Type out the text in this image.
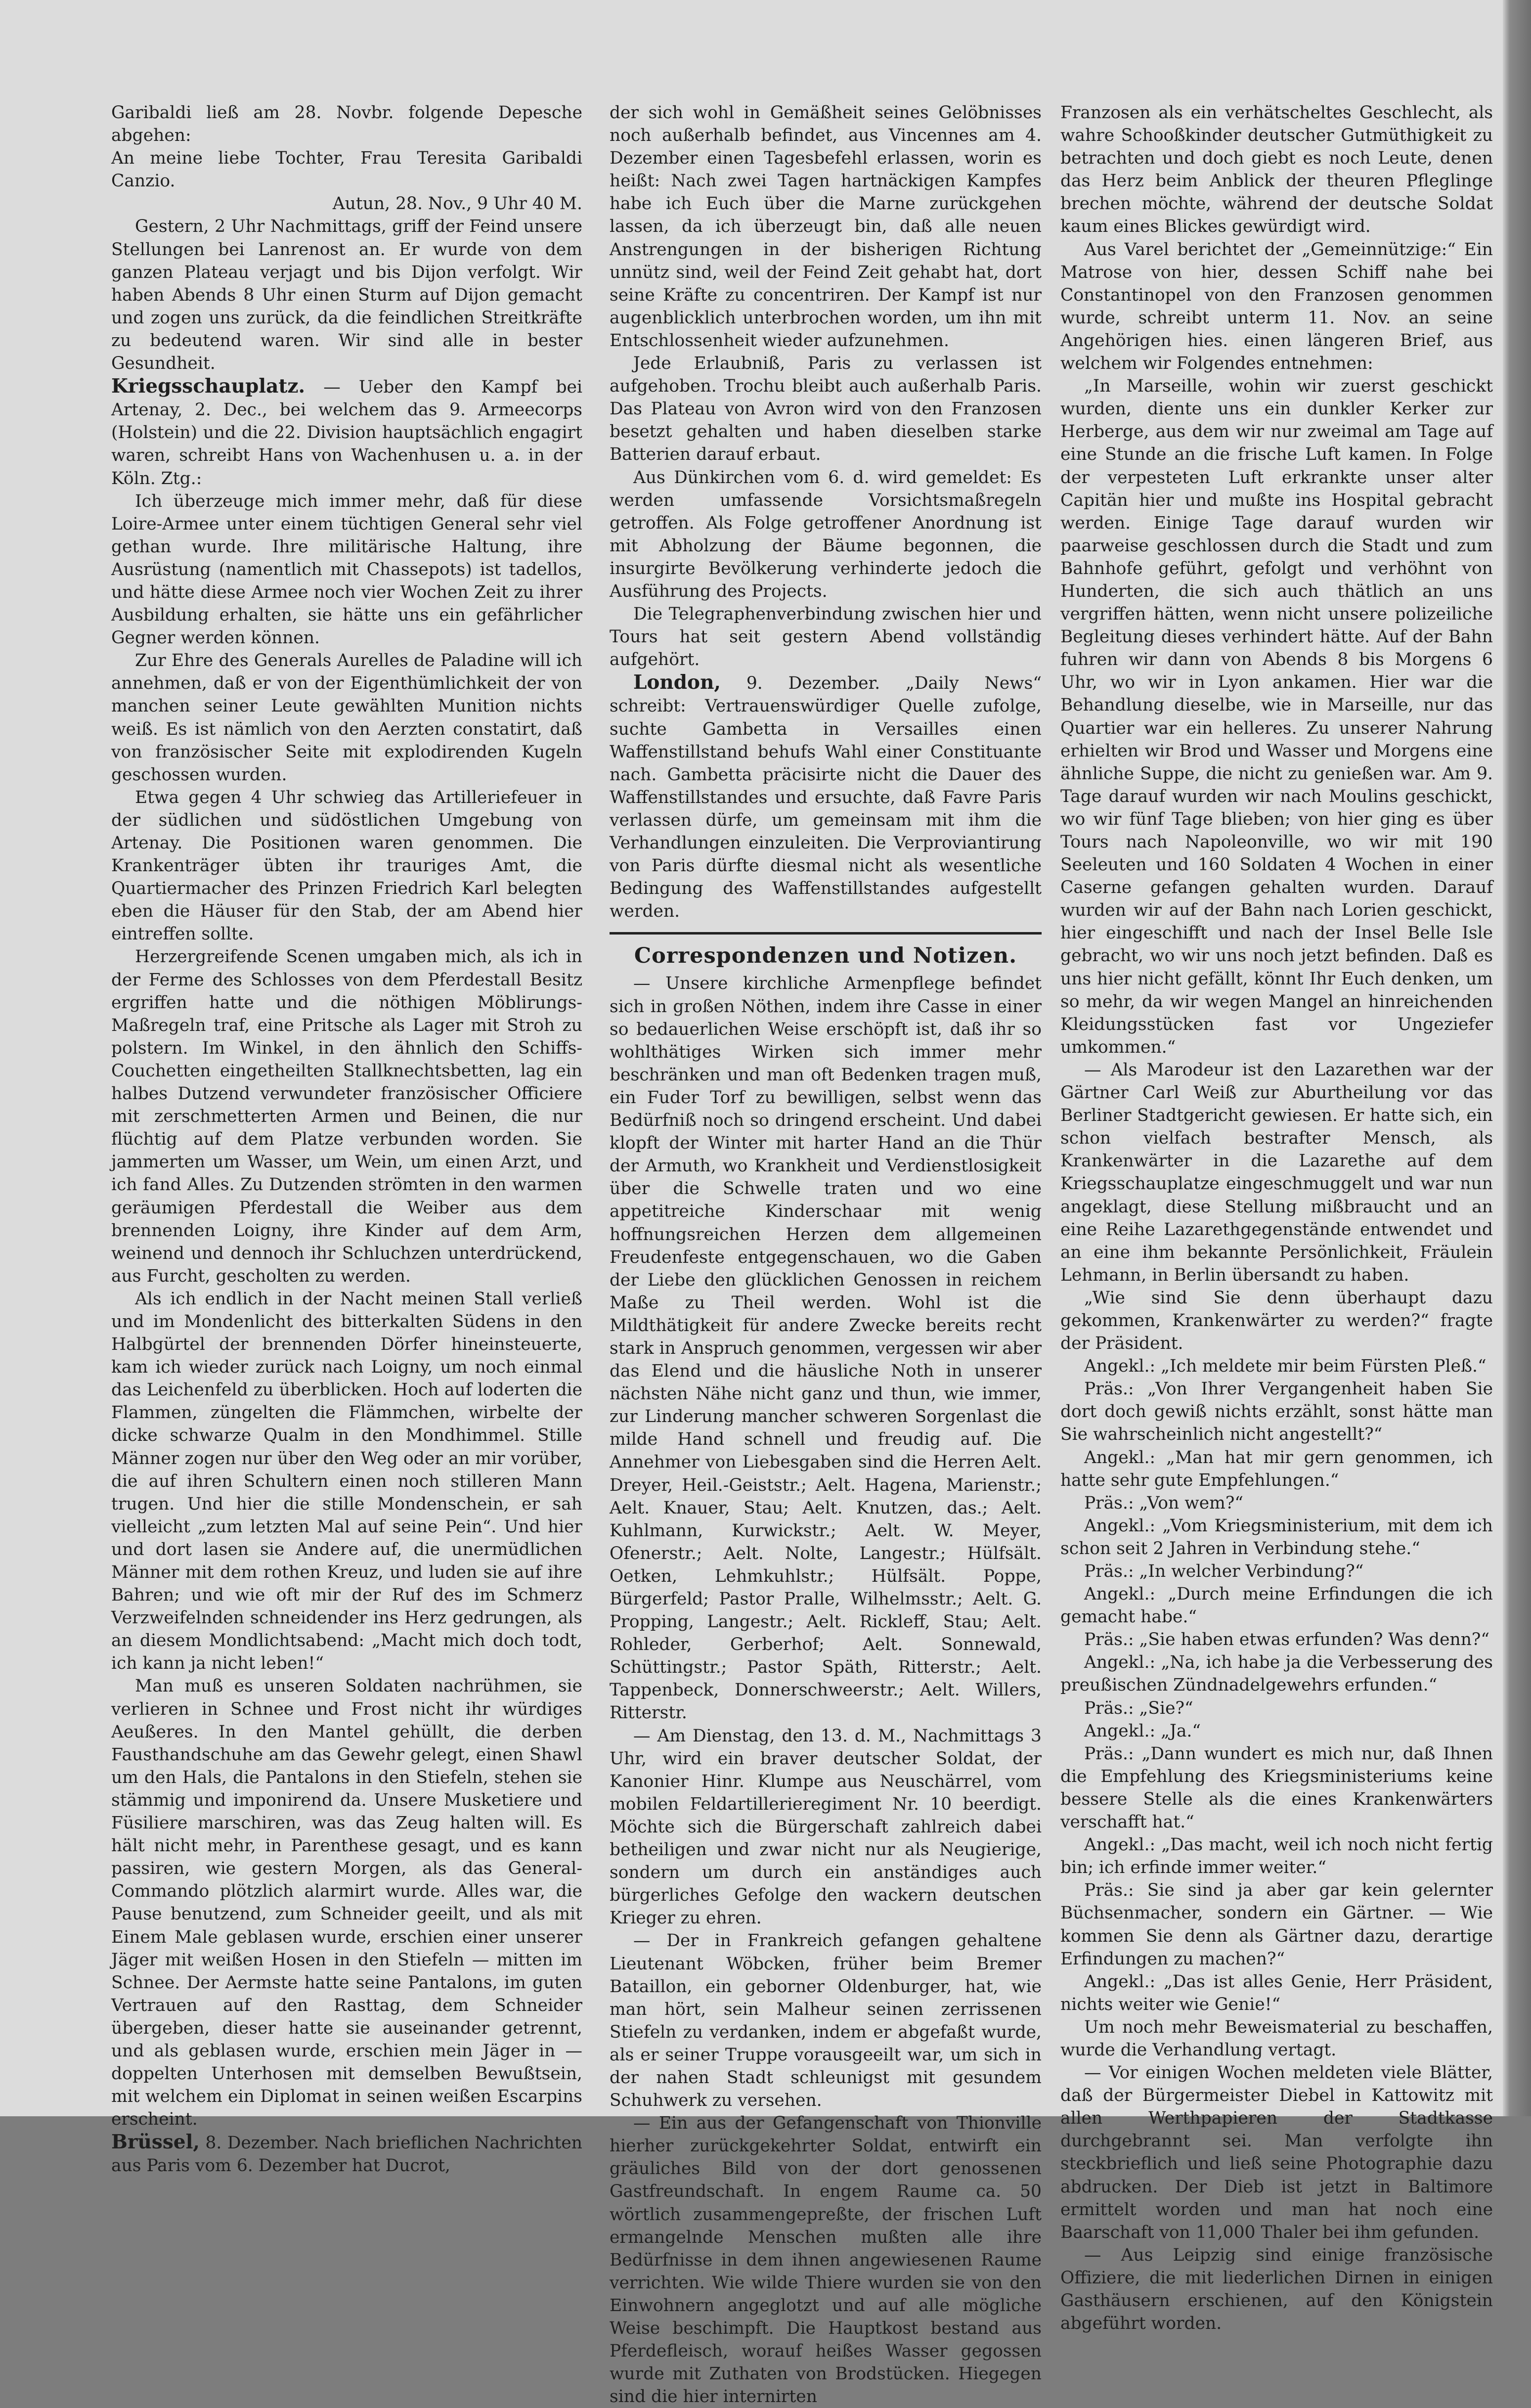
Garibaldi ließ am 28. Novbr. folgende Depesche abgehen:

An meine liebe Tochter, Frau Teresita Garibaldi Canzio.

Autun, 28. Nov., 9 Uhr 40 M.

Gestern, 2 Uhr Nachmittags, griff der Feind unsere Stellungen bei Lanrenost an. Er wurde von dem ganzen Plateau verjagt und bis Dijon verfolgt. Wir haben Abends 8 Uhr einen Sturm auf Dijon gemacht und zogen uns zurück, da die feindlichen Streitkräfte zu bedeutend waren. Wir sind alle in bester Gesundheit.

Kriegsschauplatz. — Ueber den Kampf bei Artenay, 2. Dec., bei welchem das 9. Armeecorps (Holstein) und die 22. Division hauptsächlich engagirt waren, schreibt Hans von Wachenhusen u. a. in der Köln. Ztg.:

Ich überzeuge mich immer mehr, daß für diese Loire-Armee unter einem tüchtigen General sehr viel gethan wurde. Ihre militärische Haltung, ihre Ausrüstung (namentlich mit Chassepots) ist tadellos, und hätte diese Armee noch vier Wochen Zeit zu ihrer Ausbildung erhalten, sie hätte uns ein gefährlicher Gegner werden können.

Zur Ehre des Generals Aurelles de Paladine will ich annehmen, daß er von der Eigenthümlichkeit der von manchen seiner Leute gewählten Munition nichts weiß. Es ist nämlich von den Aerzten constatirt, daß von französischer Seite mit explodirenden Kugeln geschossen wurden.

Etwa gegen 4 Uhr schwieg das Artilleriefeuer in der südlichen und südöstlichen Umgebung von Artenay. Die Positionen waren genommen. Die Krankenträger übten ihr trauriges Amt, die Quartiermacher des Prinzen Friedrich Karl belegten eben die Häuser für den Stab, der am Abend hier eintreffen sollte.

Herzergreifende Scenen umgaben mich, als ich in der Ferme des Schlosses von dem Pferdestall Besitz ergriffen hatte und die nöthigen Möblirungs-Maßregeln traf, eine Pritsche als Lager mit Stroh zu polstern. Im Winkel, in den ähnlich den Schiffs-Couchetten eingetheilten Stallknechtsbetten, lag ein halbes Dutzend verwundeter französischer Officiere mit zerschmetterten Armen und Beinen, die nur flüchtig auf dem Platze verbunden worden. Sie jammerten um Wasser, um Wein, um einen Arzt, und ich fand Alles. Zu Dutzenden strömten in den warmen geräumigen Pferdestall die Weiber aus dem brennenden Loigny, ihre Kinder auf dem Arm, weinend und dennoch ihr Schluchzen unterdrückend, aus Furcht, gescholten zu werden.

Als ich endlich in der Nacht meinen Stall verließ und im Mondenlicht des bitterkalten Südens in den Halbgürtel der brennenden Dörfer hineinsteuerte, kam ich wieder zurück nach Loigny, um noch einmal das Leichenfeld zu überblicken. Hoch auf loderten die Flammen, züngelten die Flämmchen, wirbelte der dicke schwarze Qualm in den Mondhimmel. Stille Männer zogen nur über den Weg oder an mir vorüber, die auf ihren Schultern einen noch stilleren Mann trugen. Und hier die stille Mondenschein, er sah vielleicht „zum letzten Mal auf seine Pein“. Und hier und dort lasen sie Andere auf, die unermüdlichen Männer mit dem rothen Kreuz, und luden sie auf ihre Bahren; und wie oft mir der Ruf des im Schmerz Verzweifelnden schneidender ins Herz gedrungen, als an diesem Mondlichtsabend: „Macht mich doch todt, ich kann ja nicht leben!“

Man muß es unseren Soldaten nachrühmen, sie verlieren in Schnee und Frost nicht ihr würdiges Aeußeres. In den Mantel gehüllt, die derben Fausthandschuhe am das Gewehr gelegt, einen Shawl um den Hals, die Pantalons in den Stiefeln, stehen sie stämmig und imponirend da. Unsere Musketiere und Füsiliere marschiren, was das Zeug halten will. Es hält nicht mehr, in Parenthese gesagt, und es kann passiren, wie gestern Morgen, als das General-Commando plötzlich alarmirt wurde. Alles war, die Pause benutzend, zum Schneider geeilt, und als mit Einem Male geblasen wurde, erschien einer unserer Jäger mit weißen Hosen in den Stiefeln — mitten im Schnee. Der Aermste hatte seine Pantalons, im guten Vertrauen auf den Rasttag, dem Schneider übergeben, dieser hatte sie auseinander getrennt, und als geblasen wurde, erschien mein Jäger in — doppelten Unterhosen mit demselben Bewußtsein, mit welchem ein Diplomat in seinen weißen Escarpins erscheint.

Brüssel, 8. Dezember. Nach brieflichen Nachrichten aus Paris vom 6. Dezember hat Ducrot,

der sich wohl in Gemäßheit seines Gelöbnisses noch außerhalb befindet, aus Vincennes am 4. Dezember einen Tagesbefehl erlassen, worin es heißt: Nach zwei Tagen hartnäckigen Kampfes habe ich Euch über die Marne zurückgehen lassen, da ich überzeugt bin, daß alle neuen Anstrengungen in der bisherigen Richtung unnütz sind, weil der Feind Zeit gehabt hat, dort seine Kräfte zu concentriren. Der Kampf ist nur augenblicklich unterbrochen worden, um ihn mit Entschlossenheit wieder aufzunehmen.

Jede Erlaubniß, Paris zu verlassen ist aufgehoben. Trochu bleibt auch außerhalb Paris. Das Plateau von Avron wird von den Franzosen besetzt gehalten und haben dieselben starke Batterien darauf erbaut.

Aus Dünkirchen vom 6. d. wird gemeldet: Es werden umfassende Vorsichtsmaßregeln getroffen. Als Folge getroffener Anordnung ist mit Abholzung der Bäume begonnen, die insurgirte Bevölkerung verhinderte jedoch die Ausführung des Projects.

Die Telegraphenverbindung zwischen hier und Tours hat seit gestern Abend vollständig aufgehört.

London, 9. Dezember. „Daily News“ schreibt: Vertrauenswürdiger Quelle zufolge, suchte Gambetta in Versailles einen Waffenstillstand behufs Wahl einer Constituante nach. Gambetta präcisirte nicht die Dauer des Waffenstillstandes und ersuchte, daß Favre Paris verlassen dürfe, um gemeinsam mit ihm die Verhandlungen einzuleiten. Die Verproviantirung von Paris dürfte diesmal nicht als wesentliche Bedingung des Waffenstillstandes aufgestellt werden.

Correspondenzen und Notizen.

— Unsere kirchliche Armenpflege befindet sich in großen Nöthen, indem ihre Casse in einer so bedauerlichen Weise erschöpft ist, daß ihr so wohlthätiges Wirken sich immer mehr beschränken und man oft Bedenken tragen muß, ein Fuder Torf zu bewilligen, selbst wenn das Bedürfniß noch so dringend erscheint. Und dabei klopft der Winter mit harter Hand an die Thür der Armuth, wo Krankheit und Verdienstlosigkeit über die Schwelle traten und wo eine appetitreiche Kinderschaar mit wenig hoffnungsreichen Herzen dem allgemeinen Freudenfeste entgegenschauen, wo die Gaben der Liebe den glücklichen Genossen in reichem Maße zu Theil werden. Wohl ist die Mildthätigkeit für andere Zwecke bereits recht stark in Anspruch genommen, vergessen wir aber das Elend und die häusliche Noth in unserer nächsten Nähe nicht ganz und thun, wie immer, zur Linderung mancher schweren Sorgenlast die milde Hand schnell und freudig auf. Die Annehmer von Liebesgaben sind die Herren Aelt. Dreyer, Heil.-Geiststr.; Aelt. Hagena, Marienstr.; Aelt. Knauer, Stau; Aelt. Knutzen, das.; Aelt. Kuhlmann, Kurwickstr.; Aelt. W. Meyer, Ofenerstr.; Aelt. Nolte, Langestr.; Hülfsält. Oetken, Lehmkuhlstr.; Hülfsält. Poppe, Bürgerfeld; Pastor Pralle, Wilhelmsstr.; Aelt. G. Propping, Langestr.; Aelt. Rickleff, Stau; Aelt. Rohleder, Gerberhof; Aelt. Sonnewald, Schüttingstr.; Pastor Späth, Ritterstr.; Aelt. Tappenbeck, Donnerschweerstr.; Aelt. Willers, Ritterstr.

— Am Dienstag, den 13. d. M., Nachmittags 3 Uhr, wird ein braver deutscher Soldat, der Kanonier Hinr. Klumpe aus Neuschärrel, vom mobilen Feldartillerieregiment Nr. 10 beerdigt. Möchte sich die Bürgerschaft zahlreich dabei betheiligen und zwar nicht nur als Neugierige, sondern um durch ein anständiges auch bürgerliches Gefolge den wackern deutschen Krieger zu ehren.

— Der in Frankreich gefangen gehaltene Lieutenant Wöbcken, früher beim Bremer Bataillon, ein geborner Oldenburger, hat, wie man hört, sein Malheur seinen zerrissenen Stiefeln zu verdanken, indem er abgefaßt wurde, als er seiner Truppe vorausgeeilt war, um sich in der nahen Stadt schleunigst mit gesundem Schuhwerk zu versehen.

— Ein aus der Gefangenschaft von Thionville hierher zurückgekehrter Soldat, entwirft ein gräuliches Bild von der dort genossenen Gastfreundschaft. In engem Raume ca. 50 wörtlich zusammengepreßte, der frischen Luft ermangelnde Menschen mußten alle ihre Bedürfnisse in dem ihnen angewiesenen Raume verrichten. Wie wilde Thiere wurden sie von den Einwohnern angeglotzt und auf alle mögliche Weise beschimpft. Die Hauptkost bestand aus Pferdefleisch, worauf heißes Wasser gegossen wurde mit Zuthaten von Brodstücken. Hiegegen sind die hier internirten

Franzosen als ein verhätscheltes Geschlecht, als wahre Schooßkinder deutscher Gutmüthigkeit zu betrachten und doch giebt es noch Leute, denen das Herz beim Anblick der theuren Pfleglinge brechen möchte, während der deutsche Soldat kaum eines Blickes gewürdigt wird.

Aus Varel berichtet der „Gemeinnützige:“ Ein Matrose von hier, dessen Schiff nahe bei Constantinopel von den Franzosen genommen wurde, schreibt unterm 11. Nov. an seine Angehörigen hies. einen längeren Brief, aus welchem wir Folgendes entnehmen:

„In Marseille, wohin wir zuerst geschickt wurden, diente uns ein dunkler Kerker zur Herberge, aus dem wir nur zweimal am Tage auf eine Stunde an die frische Luft kamen. In Folge der verpesteten Luft erkrankte unser alter Capitän hier und mußte ins Hospital gebracht werden. Einige Tage darauf wurden wir paarweise geschlossen durch die Stadt und zum Bahnhofe geführt, gefolgt und verhöhnt von Hunderten, die sich auch thätlich an uns vergriffen hätten, wenn nicht unsere polizeiliche Begleitung dieses verhindert hätte. Auf der Bahn fuhren wir dann von Abends 8 bis Morgens 6 Uhr, wo wir in Lyon ankamen. Hier war die Behandlung dieselbe, wie in Marseille, nur das Quartier war ein helleres. Zu unserer Nahrung erhielten wir Brod und Wasser und Morgens eine ähnliche Suppe, die nicht zu genießen war. Am 9. Tage darauf wurden wir nach Moulins geschickt, wo wir fünf Tage blieben; von hier ging es über Tours nach Napoleonville, wo wir mit 190 Seeleuten und 160 Soldaten 4 Wochen in einer Caserne gefangen gehalten wurden. Darauf wurden wir auf der Bahn nach Lorien geschickt, hier eingeschifft und nach der Insel Belle Isle gebracht, wo wir uns noch jetzt befinden. Daß es uns hier nicht gefällt, könnt Ihr Euch denken, um so mehr, da wir wegen Mangel an hinreichenden Kleidungsstücken fast vor Ungeziefer umkommen.“

— Als Marodeur ist den Lazarethen war der Gärtner Carl Weiß zur Aburtheilung vor das Berliner Stadtgericht gewiesen. Er hatte sich, ein schon vielfach bestrafter Mensch, als Krankenwärter in die Lazarethe auf dem Kriegsschauplatze eingeschmuggelt und war nun angeklagt, diese Stellung mißbraucht und an eine Reihe Lazarethgegenstände entwendet und an eine ihm bekannte Persönlichkeit, Fräulein Lehmann, in Berlin übersandt zu haben.

„Wie sind Sie denn überhaupt dazu gekommen, Krankenwärter zu werden?“ fragte der Präsident.

Angekl.: „Ich meldete mir beim Fürsten Pleß.“

Präs.: „Von Ihrer Vergangenheit haben Sie dort doch gewiß nichts erzählt, sonst hätte man Sie wahrscheinlich nicht angestellt?“

Angekl.: „Man hat mir gern genommen, ich hatte sehr gute Empfehlungen.“

Präs.: „Von wem?“

Angekl.: „Vom Kriegsministerium, mit dem ich schon seit 2 Jahren in Verbindung stehe.“

Präs.: „In welcher Verbindung?“

Angekl.: „Durch meine Erfindungen die ich gemacht habe.“

Präs.: „Sie haben etwas erfunden? Was denn?“

Angekl.: „Na, ich habe ja die Verbesserung des preußischen Zündnadelgewehrs erfunden.“

Präs.: „Sie?“

Angekl.: „Ja.“

Präs.: „Dann wundert es mich nur, daß Ihnen die Empfehlung des Kriegsministeriums keine bessere Stelle als die eines Krankenwärters verschafft hat.“

Angekl.: „Das macht, weil ich noch nicht fertig bin; ich erfinde immer weiter.“

Präs.: Sie sind ja aber gar kein gelernter Büchsenmacher, sondern ein Gärtner. — Wie kommen Sie denn als Gärtner dazu, derartige Erfindungen zu machen?“

Angekl.: „Das ist alles Genie, Herr Präsident, nichts weiter wie Genie!“

Um noch mehr Beweismaterial zu beschaffen, wurde die Verhandlung vertagt.

— Vor einigen Wochen meldeten viele Blätter, daß der Bürgermeister Diebel in Kattowitz mit allen Werthpapieren der Stadtkasse durchgebrannt sei. Man verfolgte ihn steckbrieflich und ließ seine Photographie dazu abdrucken. Der Dieb ist jetzt in Baltimore ermittelt worden und man hat noch eine Baarschaft von 11,000 Thaler bei ihm gefunden.

— Aus Leipzig sind einige französische Offiziere, die mit liederlichen Dirnen in einigen Gasthäusern erschienen, auf den Königstein abgeführt worden.
